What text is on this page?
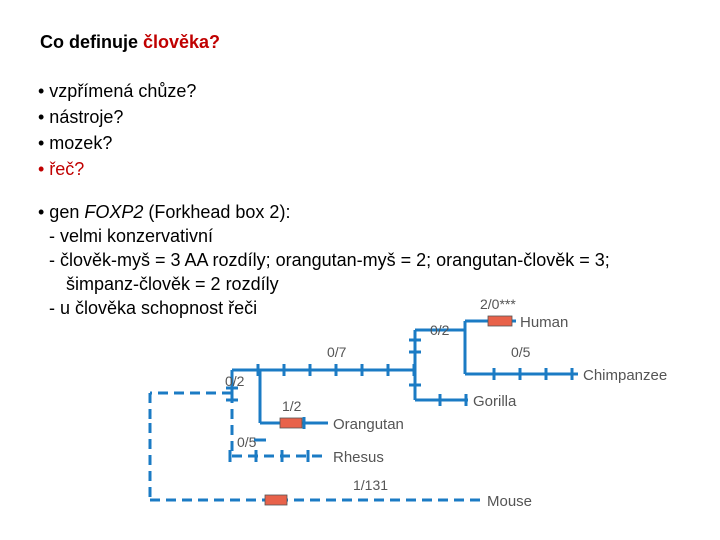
Co definuje člověka?
• vzpřímená chůze?
• nástroje?
• mozek?
• řeč?
• gen FOXP2 (Forkhead box 2):
- velmi konzervativní
- člověk-myš = 3 AA rozdíly; orangutan-myš = 2; orangutan-člověk = 3;
šimpanz-člověk = 2 rozdíly
- u člověka schopnost řeči	2/0***
0/2
0/5
0/7
0/2
1/2
0/5
1/131
Human
Chimpanzee
Gorilla
Orangutan
Rhesus
Mouse
